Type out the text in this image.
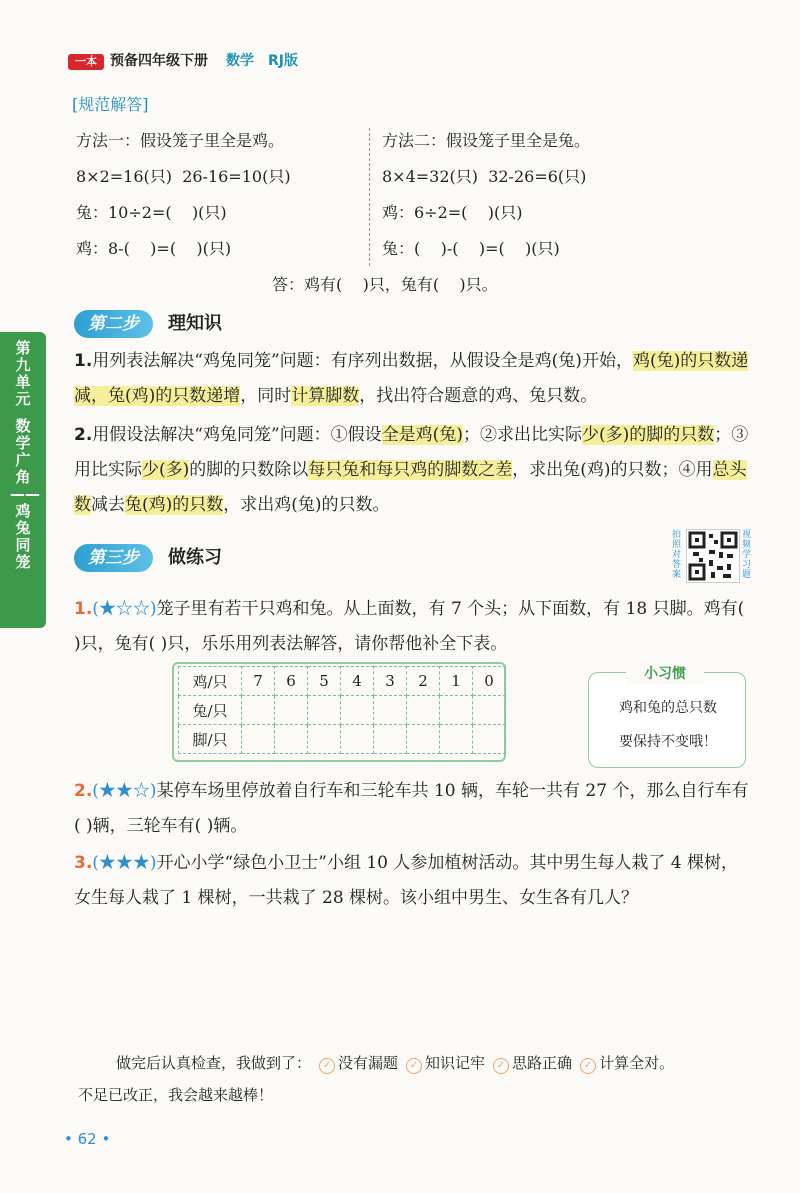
一本 预备四年级下册 数学 RJ版
[规范解答]
方法一：假设笼子里全是鸡。
8×2=16(只)  26-16=10(只)
兔：10÷2=(    )(只)
鸡：8-(    )=(    )(只)
方法二：假设笼子里全是兔。
8×4=32(只)  32-26=6(只)
鸡：6÷2=(    )(只)
兔：(    )-(    )=(    )(只)
答：鸡有(    )只，兔有(    )只。
第九单元
数学广角——鸡兔同笼
第二步	理知识
1.用列表法解决“鸡兔同笼”问题：有序列出数据，从假设全是鸡(兔)开始，鸡(兔)的只数递减，兔(鸡)的只数递增，同时计算脚数，找出符合题意的鸡、兔只数。
2.用假设法解决“鸡兔同笼”问题：①假设全是鸡(兔)；②求出比实际少(多)的脚的只数；③用比实际少(多)的脚的只数除以每只兔和每只鸡的脚数之差，求出兔(鸡)的只数；④用总头数减去兔(鸡)的只数，求出鸡(兔)的只数。
第三步	做练习
拍照对答案
视频学习题
1.(★☆☆)笼子里有若干只鸡和兔。从上面数，有 7 个头；从下面数，有 18 只脚。鸡有( )只，兔有( )只，乐乐用列表法解答，请你帮他补全下表。
鸡/只	7	6	5	4	3	2	1	0
兔/只								
脚/只								
小习惯
鸡和兔的总只数
要保持不变哦！
2.(★★☆)某停车场里停放着自行车和三轮车共 10 辆，车轮一共有 27 个，那么自行车有( )辆，三轮车有( )辆。
3.(★★★)开心小学“绿色小卫士”小组 10 人参加植树活动。其中男生每人栽了 4 棵树，女生每人栽了 1 棵树，一共栽了 28 棵树。该小组中男生、女生各有几人？
做完后认真检查，我做到了： ✓ 没有漏题 ✓ 知识记牢 ✓ 思路正确 ✓ 计算全对。
不足已改正，我会越来越棒！
• 62 •
